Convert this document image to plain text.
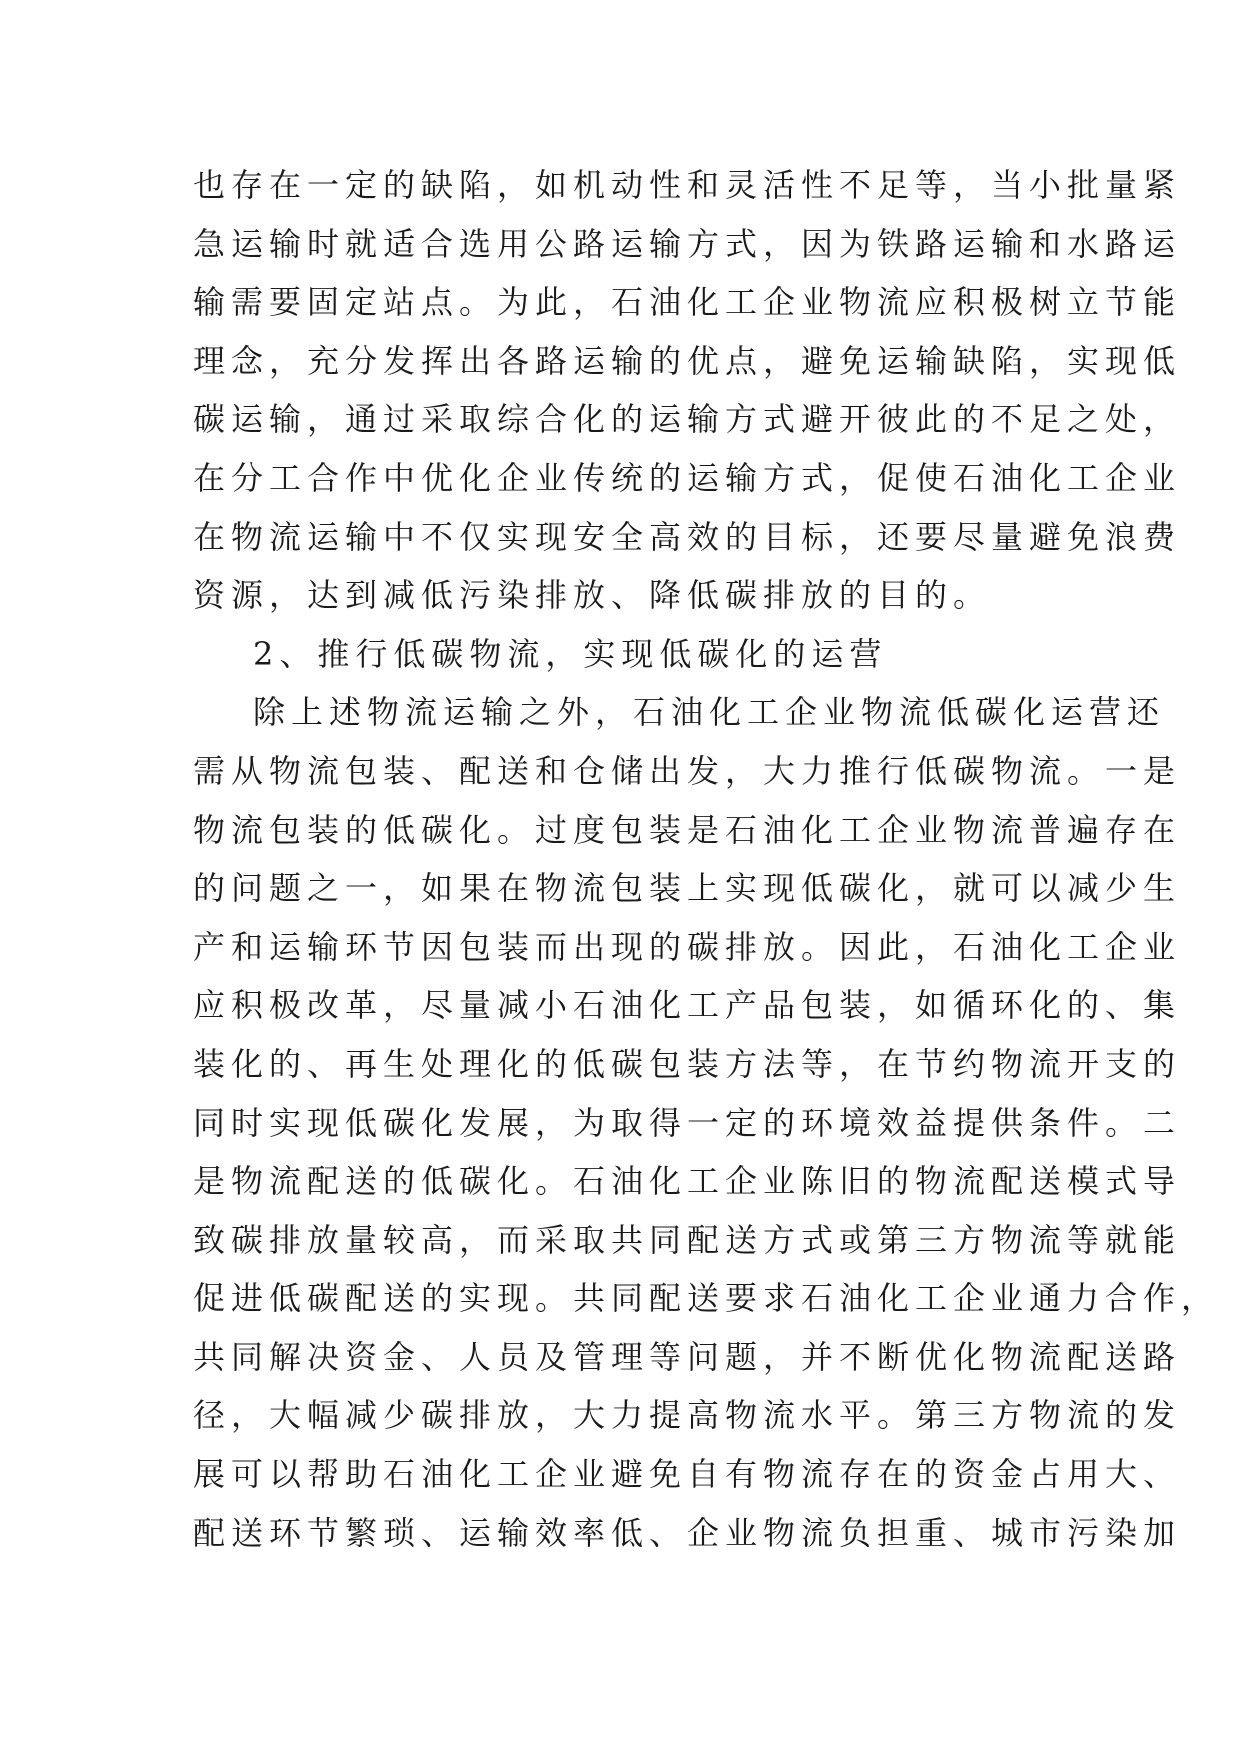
也存在一定的缺陷，如机动性和灵活性不足等，当小批量紧
急运输时就适合选用公路运输方式，因为铁路运输和水路运
输需要固定站点。为此，石油化工企业物流应积极树立节能
理念，充分发挥出各路运输的优点，避免运输缺陷，实现低
碳运输，通过采取综合化的运输方式避开彼此的不足之处，
在分工合作中优化企业传统的运输方式，促使石油化工企业
在物流运输中不仅实现安全高效的目标，还要尽量避免浪费
资源，达到减低污染排放、降低碳排放的目的。
2、推行低碳物流，实现低碳化的运营
除上述物流运输之外，石油化工企业物流低碳化运营还
需从物流包装、配送和仓储出发，大力推行低碳物流。一是
物流包装的低碳化。过度包装是石油化工企业物流普遍存在
的问题之一，如果在物流包装上实现低碳化，就可以减少生
产和运输环节因包装而出现的碳排放。因此，石油化工企业
应积极改革，尽量减小石油化工产品包装，如循环化的、集
装化的、再生处理化的低碳包装方法等，在节约物流开支的
同时实现低碳化发展，为取得一定的环境效益提供条件。二
是物流配送的低碳化。石油化工企业陈旧的物流配送模式导
致碳排放量较高，而采取共同配送方式或第三方物流等就能
促进低碳配送的实现。共同配送要求石油化工企业通力合作，
共同解决资金、人员及管理等问题，并不断优化物流配送路
径，大幅减少碳排放，大力提高物流水平。第三方物流的发
展可以帮助石油化工企业避免自有物流存在的资金占用大、
配送环节繁琐、运输效率低、企业物流负担重、城市污染加
